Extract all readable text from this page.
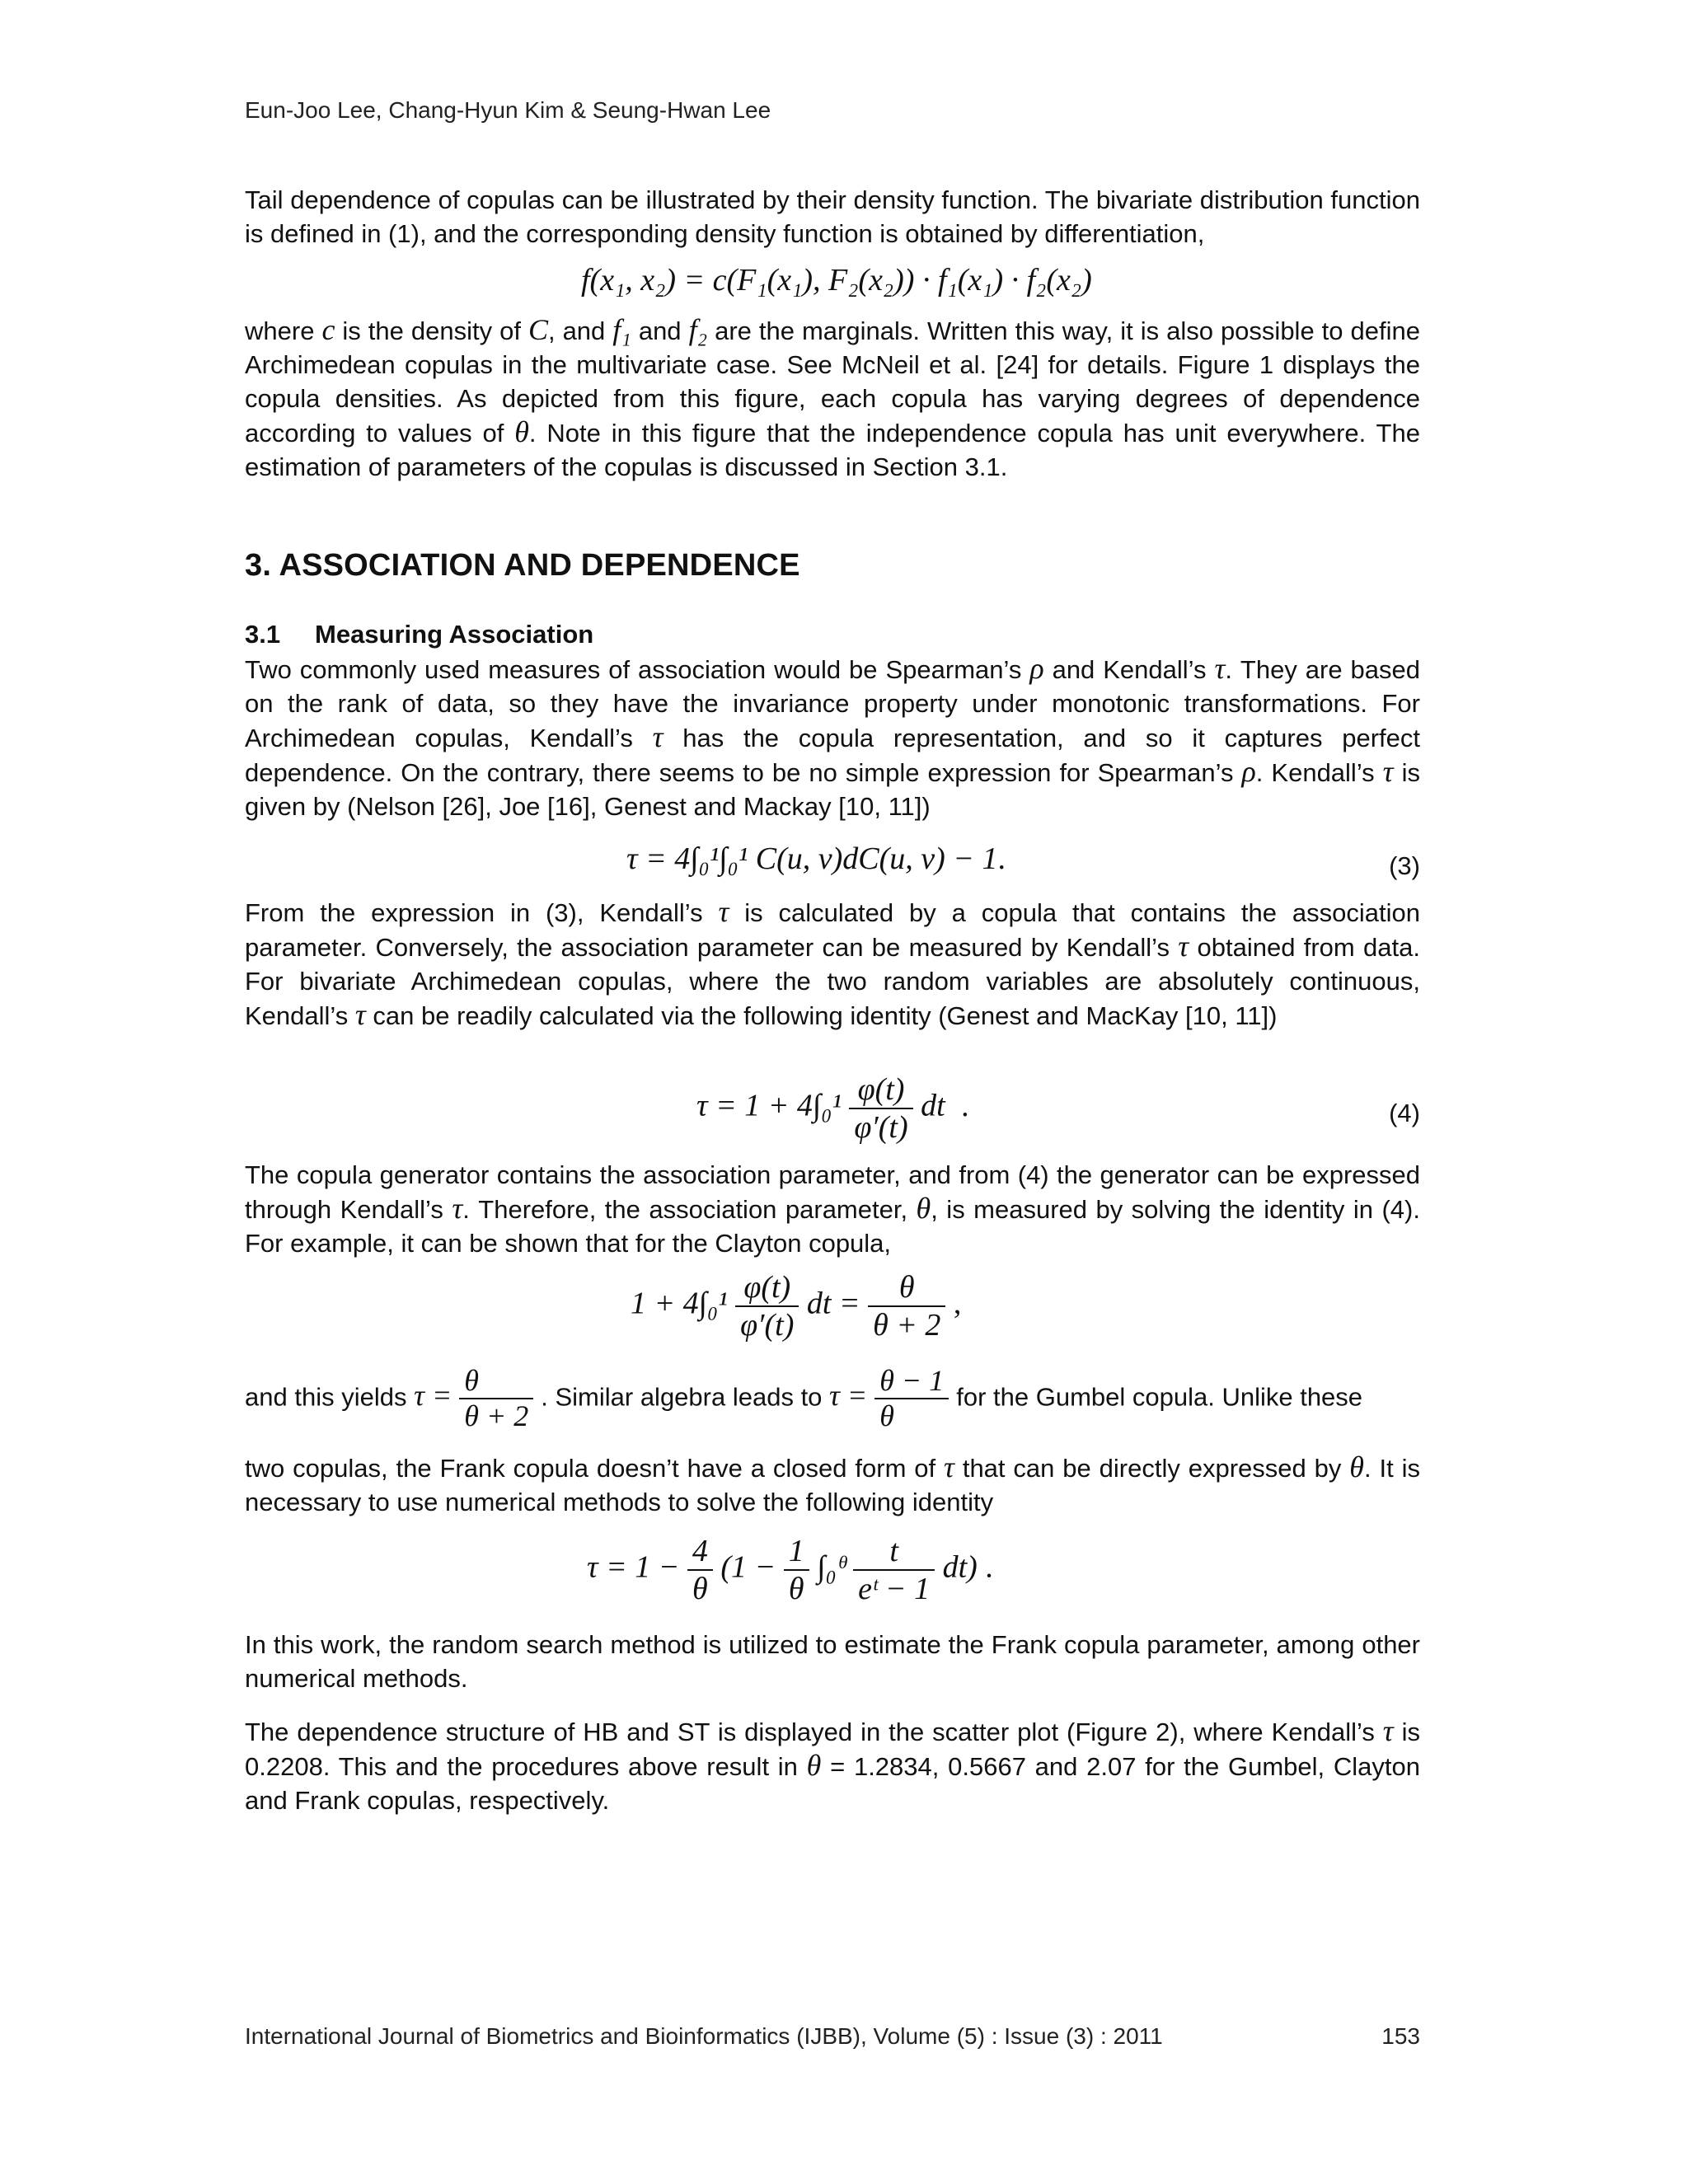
Eun-Joo Lee, Chang-Hyun Kim & Seung-Hwan Lee

Tail dependence of copulas can be illustrated by their density function. The bivariate distribution function is defined in (1), and the corresponding density function is obtained by differentiation,

f(x₁, x₂) = c(F₁(x₁), F₂(x₂)) · f₁(x₁) · f₂(x₂)

where c is the density of C, and f₁ and f₂ are the marginals. Written this way, it is also possible to define Archimedean copulas in the multivariate case. See McNeil et al. [24] for details. Figure 1 displays the copula densities. As depicted from this figure, each copula has varying degrees of dependence according to values of θ. Note in this figure that the independence copula has unit everywhere. The estimation of parameters of the copulas is discussed in Section 3.1.

3. ASSOCIATION AND DEPENDENCE
3.1 Measuring Association

Two commonly used measures of association would be Spearman’s ρ and Kendall’s τ. They are based on the rank of data, so they have the invariance property under monotonic transformations. For Archimedean copulas, Kendall’s τ has the copula representation, and so it captures perfect dependence. On the contrary, there seems to be no simple expression for Spearman’s ρ. Kendall’s τ is given by (Nelson [26], Joe [16], Genest and Mackay [10, 11])

τ = 4∫₀¹∫₀¹ C(u, v)dC(u, v) − 1.	(3)

From the expression in (3), Kendall’s τ is calculated by a copula that contains the association parameter. Conversely, the association parameter can be measured by Kendall’s τ obtained from data. For bivariate Archimedean copulas, where the two random variables are absolutely continuous, Kendall’s τ can be readily calculated via the following identity (Genest and MacKay [10, 11])

$\tau = 1 + 4\int_0^1 \frac{\varphi(t)}{\varphi'(t)}$ dt .	(4)

The copula generator contains the association parameter, and from (4) the generator can be expressed through Kendall’s τ. Therefore, the association parameter, θ, is measured by solving the identity in (4). For example, it can be shown that for the Clayton copula,

$1 + 4\int_0^1 \frac{\varphi(t)}{\varphi'(t)}$ dt = $\frac{\theta}{\theta + 2}$ ,
and this yields $\tau = \frac{\theta}{\theta + 2}$ . Similar algebra leads to $\tau = \frac{\theta - 1}{\theta}$ for the Gumbel copula. Unlike these

two copulas, the Frank copula doesn’t have a closed form of τ that can be directly expressed by θ. It is necessary to use numerical methods to solve the following identity

$\tau = 1 - \frac{4}{\theta} (1 - \frac{1}{\theta}$ ∫₀ᶿ $\frac{t}{\text{eᵗ − 1}} dt$) .

In this work, the random search method is utilized to estimate the Frank copula parameter, among other numerical methods.

The dependence structure of HB and ST is displayed in the scatter plot (Figure 2), where Kendall’s τ is 0.2208. This and the procedures above result in θ = 1.2834, 0.5667 and 2.07 for the Gumbel, Clayton and Frank copulas, respectively.

International Journal of Biometrics and Bioinformatics (IJBB), Volume (5) : Issue (3) : 2011	153
